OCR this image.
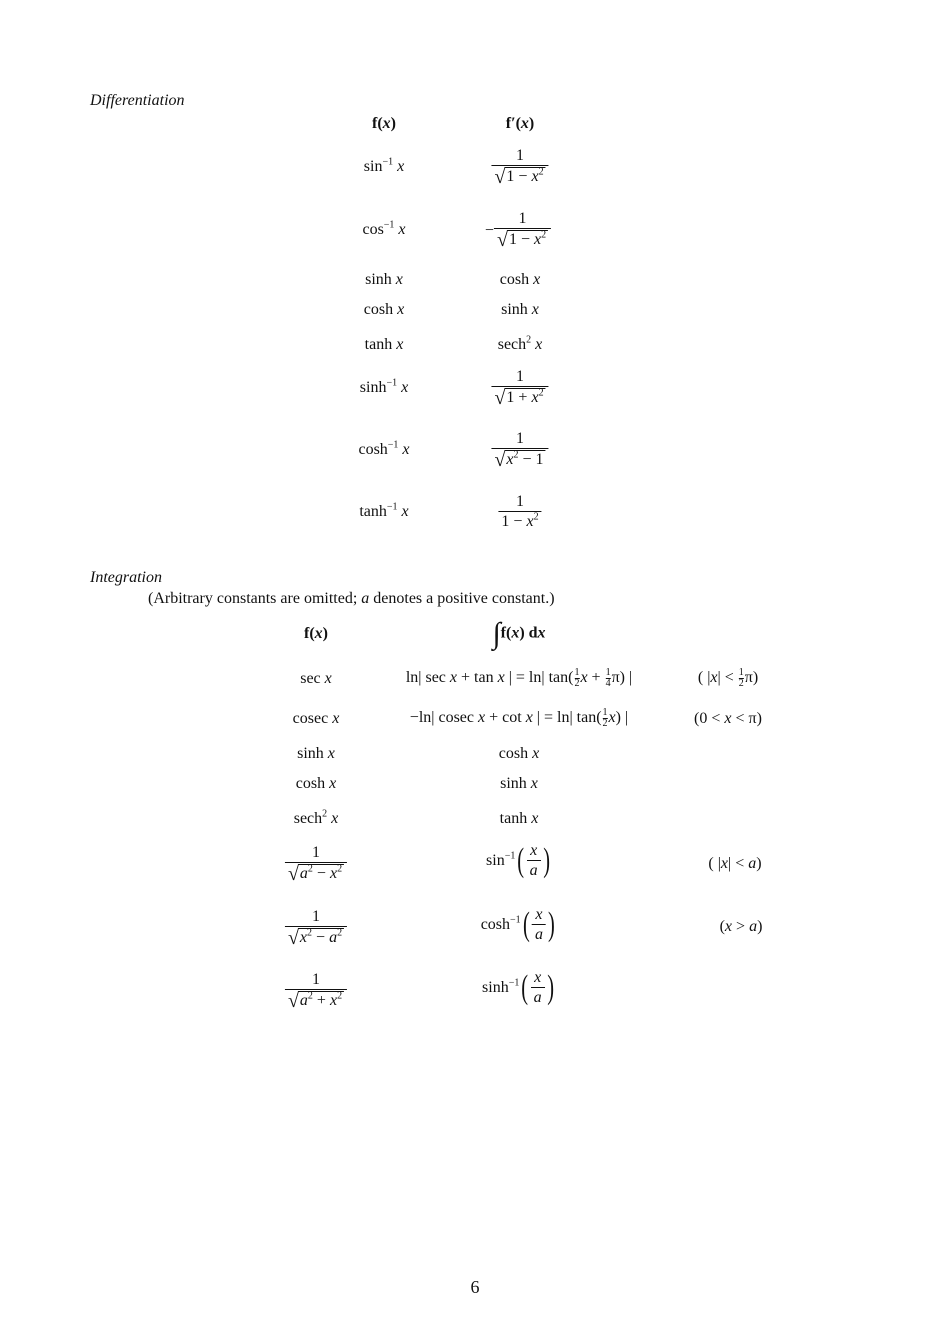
Differentiation
f(x)	f′(x)
$\sin^{-1} x$	$\frac{1}{√ 1 - x^2}$
$\cos^{-1} x$	− $\frac{1}{√ 1 - x^2}$
sinh x	cosh x
cosh x	sinh x
tanh x	sech$^2$ x
$\sinh^{-1} x$	$\frac{1}{√ 1 + x^2}$
$\cosh^{-1} x$	$\frac{1}{√ x^2 - 1}$
$\tanh^{-1} x$	$\frac{1}{1 - x^2}$
Integration
(Arbitrary constants are omitted; a denotes a positive constant.)
f(x)	∫f(x) dx
sec x	ln| sec x + tan x | = ln| $\tan( \frac{1}{2}$ $x + \frac{1}{4} \pi$) |	( $|x| < \frac{1}{2} \pi$)
cosec x	−ln| cosec x + cot x | = ln| $\tan( \frac{1}{2} x)$ |	(0 < x < π)
sinh x	cosh x
cosh x	sinh x
sech$^2$ x	tanh x
$\frac{1}{√ a^2 - x^2}$	$\sin^{-1}( \frac{x}{a}$ )	( |x| < a)
$\frac{1}{√ x^2 - a^2}$	$\cosh^{-1}( \frac{x}{a}$ )	(x > a)
$\frac{1}{√ a^2 + x^2}$	$\sinh^{-1}( \frac{x}{a}$ )
6
